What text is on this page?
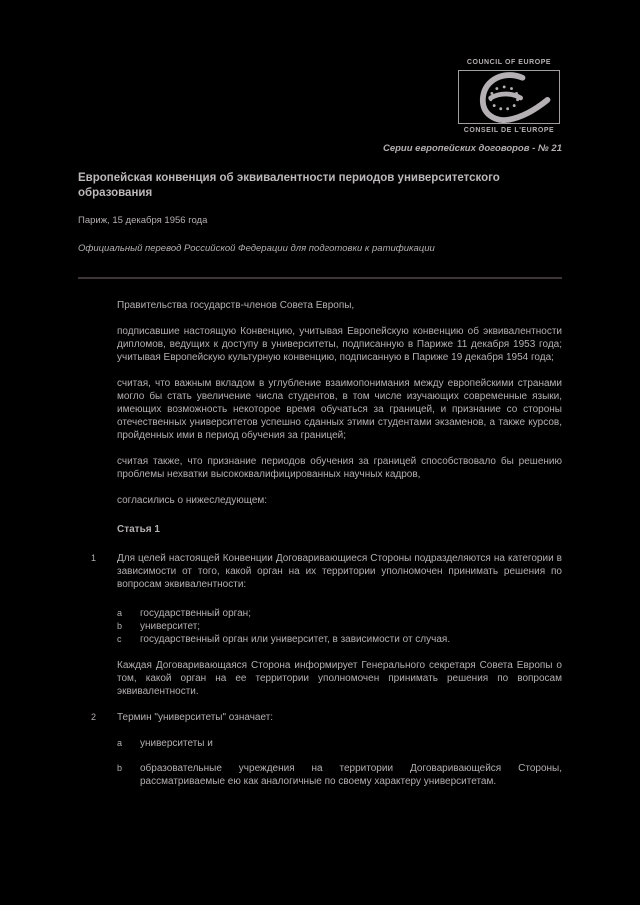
COUNCIL OF EUROPE
CONSEIL DE L'EUROPE
Серии европейских договоров - № 21
Европейская конвенция об эквивалентности периодов университетского образования
Париж, 15 декабря 1956 года
Официальный перевод Российской Федерации для подготовки к ратификации

Правительства государств-членов Совета Европы,

подписавшие настоящую Конвенцию, учитывая Европейскую конвенцию об эквивалентности дипломов, ведущих к доступу в университеты, подписанную в Париже 11 декабря 1953 года; учитывая Европейскую культурную конвенцию, подписанную в Париже 19 декабря 1954 года;

считая, что важным вкладом в углубление взаимопонимания между европейскими странами могло бы стать увеличение числа студентов, в том числе изучающих современные языки, имеющих возможность некоторое время обучаться за границей, и признание со стороны отечественных университетов успешно сданных этими студентами экзаменов, а также курсов, пройденных ими в период обучения за границей;

считая также, что признание периодов обучения за границей способствовало бы решению проблемы нехватки высококвалифицированных научных кадров,

согласились о нижеследующем:

Статья 1
1 Для целей настоящей Конвенции Договаривающиеся Стороны подразделяются на категории в зависимости от того, какой орган на их территории уполномочен принимать решения по вопросам эквивалентности:

a	государственный орган;
b	университет;
c	государственный орган или университет, в зависимости от случая.

Каждая Договаривающаяся Сторона информирует Генерального секретаря Совета Европы о том, какой орган на ее территории уполномочен принимать решения по вопросам эквивалентности.

2 Термин "университеты" означает:

a	университеты и
b	образовательные учреждения на территории Договаривающейся Стороны, рассматриваемые ею как аналогичные по своему характеру университетам.
